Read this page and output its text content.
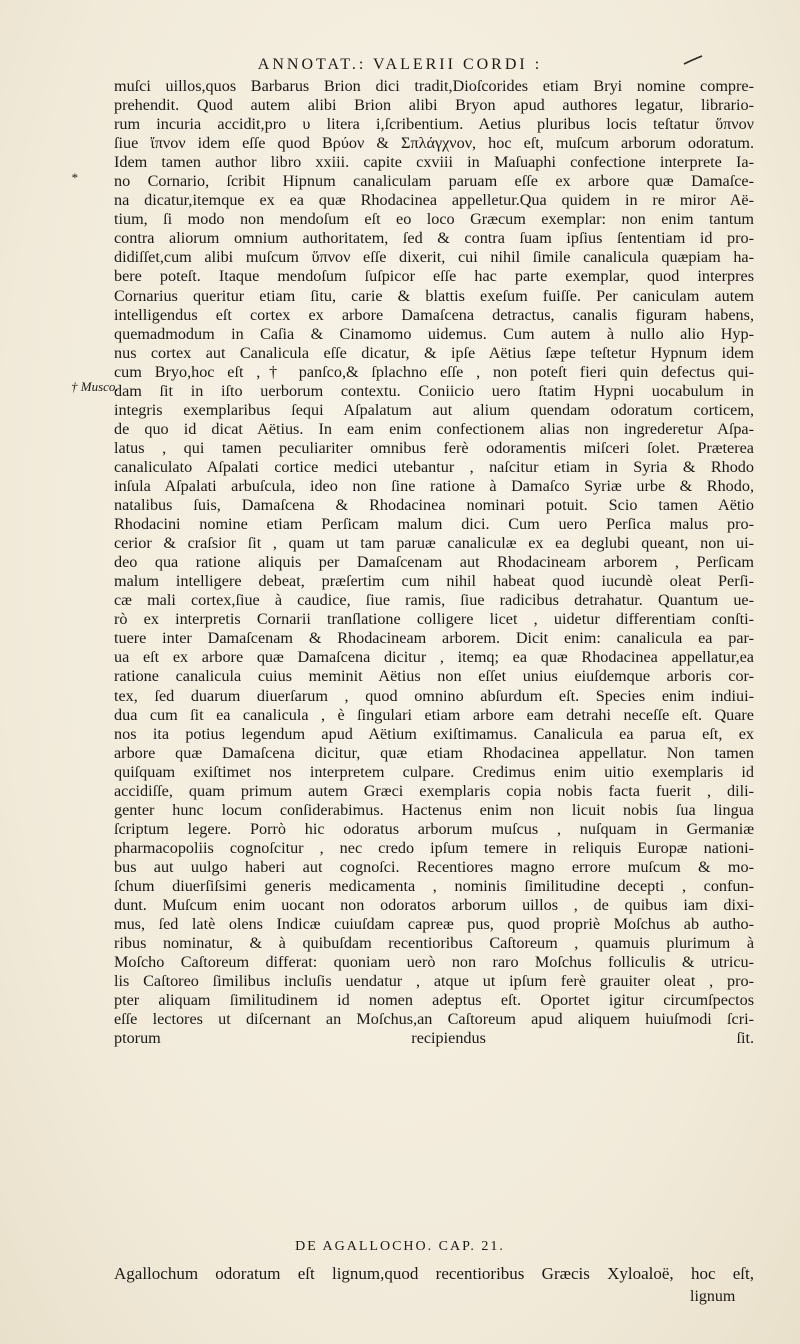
ANNOTAT.: VALERII CORDI :
*
† Musco.
muſci uillos,quos Barbarus Brion dici tradit,Dioſcorides etiam Bryi nomine compre-
prehendit. Quod autem alibi Brion alibi Bryon apud authores legatur, librario-
rum incuria accidit,pro υ litera i,ſcribentium. Aetius pluribus locis teſtatur ὕπνον
ſiue ἴπνον idem eſſe quod Βρύον & Σπλάγχνον, hoc eſt, muſcum arborum odoratum.
Idem tamen author libro xxiii. capite cxviii in Maſuaphi confectione interprete Ia-
no Cornario, ſcribit Hipnum canaliculam paruam eſſe ex arbore quæ Damaſce-
na dicatur,itemque ex ea quæ Rhodacinea appelletur.Qua quidem in re miror Aë-
tium, ſi modo non mendoſum eſt eo loco Græcum exemplar: non enim tantum
contra aliorum omnium authoritatem, ſed & contra ſuam ipſius ſententiam id pro-
didiſſet,cum alibi muſcum ὕπνον eſſe dixerit, cui nihil ſimile canalicula quæpiam ha-
bere poteſt. Itaque mendoſum ſuſpicor eſſe hac parte exemplar, quod interpres
Cornarius queritur etiam ſitu, carie & blattis exeſum fuiſſe. Per caniculam autem
intelligendus eſt cortex ex arbore Damaſcena detractus, canalis figuram habens,
quemadmodum in Caſia & Cinamomo uidemus. Cum autem à nullo alio Hyp-
nus cortex aut Canalicula eſſe dicatur, & ipſe Aëtius ſæpe teſtetur Hypnum idem
cum Bryo,hoc eſt ,† panſco,& ſplachno eſſe , non poteſt fieri quin defectus qui-
dam ſit in iſto uerborum contextu. Coniicio uero ſtatim Hypni uocabulum in
integris exemplaribus ſequi Aſpalatum aut alium quendam odoratum corticem,
de quo id dicat Aëtius. In eam enim confectionem alias non ingrederetur Aſpa-
latus , qui tamen peculiariter omnibus ferè odoramentis miſceri ſolet. Præterea
canaliculato Aſpalati cortice medici utebantur , naſcitur etiam in Syria & Rhodo
inſula Aſpalati arbuſcula, ideo non ſine ratione à Damaſco Syriæ urbe & Rhodo,
natalibus ſuis, Damaſcena & Rhodacinea nominari potuit. Scio tamen Aëtio
Rhodacini nomine etiam Perſicam malum dici. Cum uero Perſica malus pro-
cerior & craſsior ſit , quam ut tam paruæ canaliculæ ex ea deglubi queant, non ui-
deo qua ratione aliquis per Damaſcenam aut Rhodacineam arborem , Perſicam
malum intelligere debeat, præſertim cum nihil habeat quod iucundè oleat Perſi-
cæ mali cortex,ſiue à caudice, ſiue ramis, ſiue radicibus detrahatur. Quantum ue-
rò ex interpretis Cornarii tranſlatione colligere licet , uidetur differentiam conſti-
tuere inter Damaſcenam & Rhodacineam arborem. Dicit enim: canalicula ea par-
ua eſt ex arbore quæ Damaſcena dicitur , itemq; ea quæ Rhodacinea appellatur,ea
ratione canalicula cuius meminit Aëtius non eſſet unius eiuſdemque arboris cor-
tex, ſed duarum diuerſarum , quod omnino abſurdum eſt. Species enim indiui-
dua cum ſit ea canalicula , è ſingulari etiam arbore eam detrahi neceſſe eſt. Quare
nos ita potius legendum apud Aëtium exiſtimamus. Canalicula ea parua eſt, ex
arbore quæ Damaſcena dicitur, quæ etiam Rhodacinea appellatur. Non tamen
quiſquam exiſtimet nos interpretem culpare. Credimus enim uitio exemplaris id
accidiſſe, quam primum autem Græci exemplaris copia nobis facta fuerit , dili-
genter hunc locum conſiderabimus. Hactenus enim non licuit nobis ſua lingua
ſcriptum legere. Porrò hic odoratus arborum muſcus , nuſquam in Germaniæ
pharmacopoliis cognoſcitur , nec credo ipſum temere in reliquis Europæ nationi-
bus aut uulgo haberi aut cognoſci. Recentiores magno errore muſcum & mo-
ſchum diuerſiſsimi generis medicamenta , nominis ſimilitudine decepti , confun-
dunt. Muſcum enim uocant non odoratos arborum uillos , de quibus iam dixi-
mus, ſed latè olens Indicæ cuiuſdam capreæ pus, quod propriè Moſchus ab autho-
ribus nominatur, & à quibuſdam recentioribus Caſtoreum , quamuis plurimum à
Moſcho Caſtoreum differat: quoniam uerò non raro Moſchus folliculis & utricu-
lis Caſtoreo ſimilibus incluſis uendatur , atque ut ipſum ferè grauiter oleat , pro-
pter aliquam ſimilitudinem id nomen adeptus eſt. Oportet igitur circumſpectos
eſſe lectores ut diſcernant an Moſchus,an Caſtoreum apud aliquem huiuſmodi ſcri-
ptorum recipiendus ſit.
DE AGALLOCHO. CAP. 21.
Agallochum odoratum eſt lignum,quod recentioribus Græcis Xyloaloë, hoc eſt,
lignum
